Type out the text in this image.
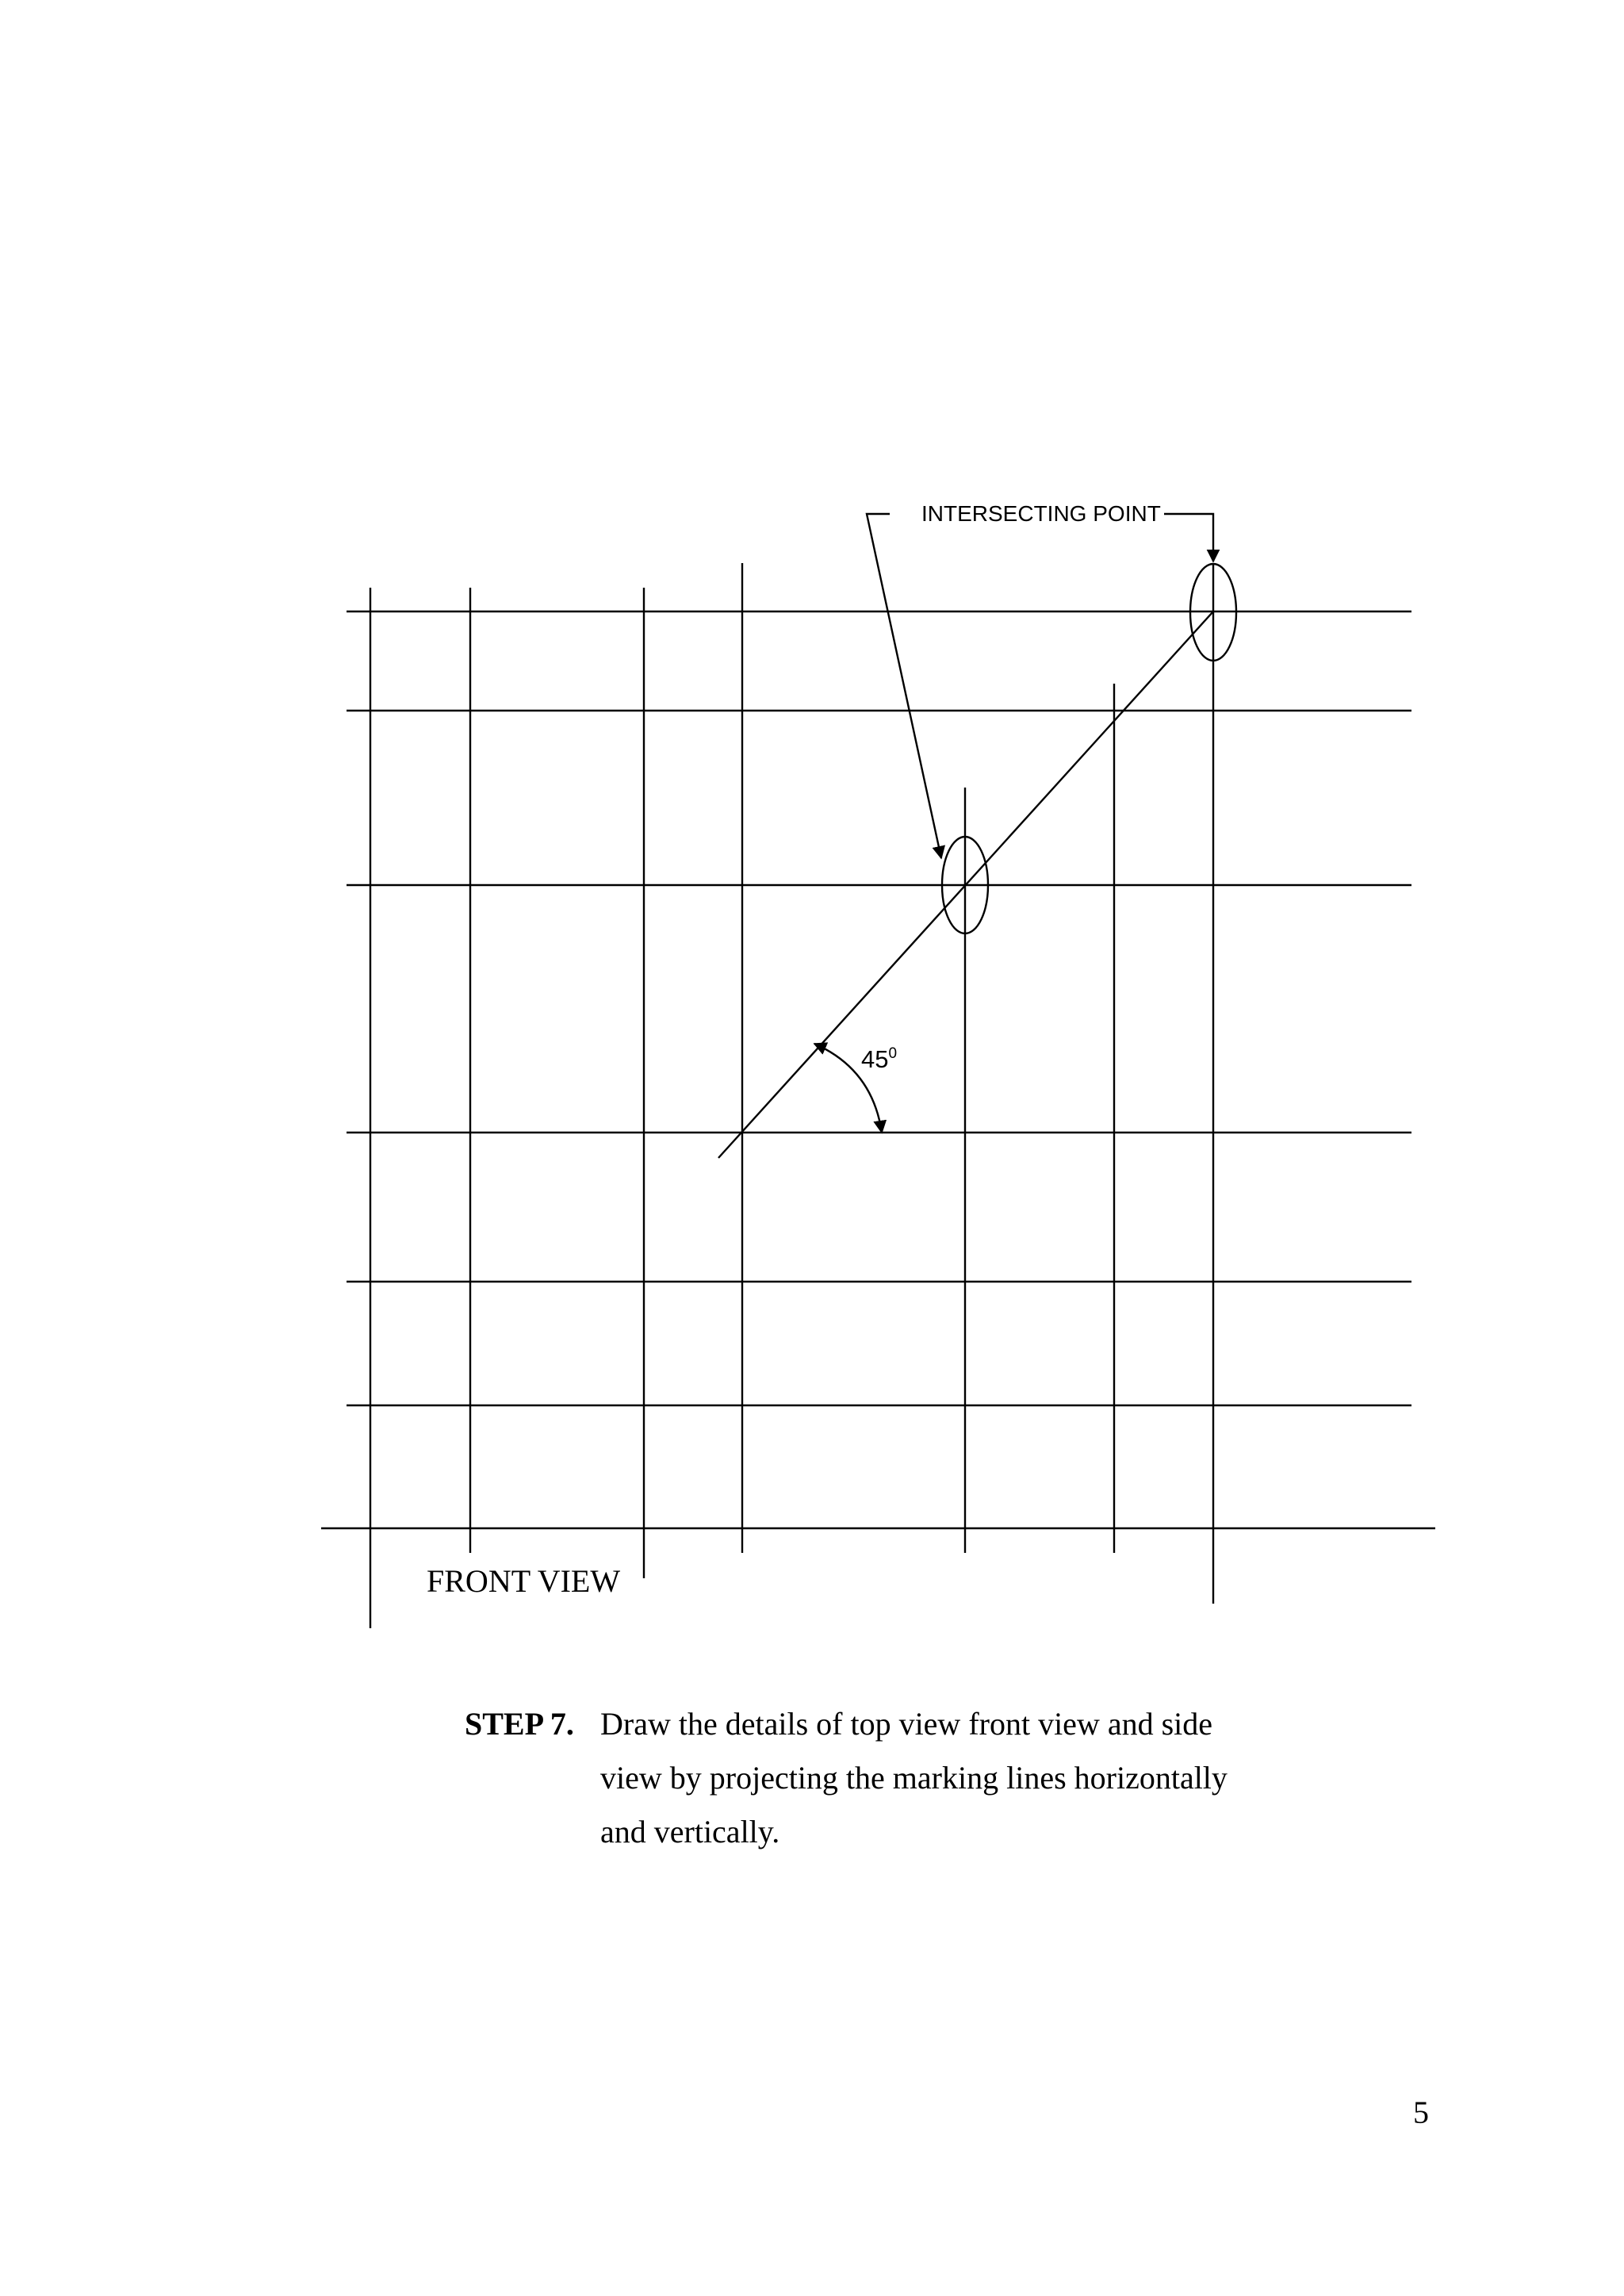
INTERSECTING POINT
$45^0$
FRONT VIEW
STEP 7. Draw the details of top view front view and side
view by projecting the marking lines horizontally
and vertically.
5
